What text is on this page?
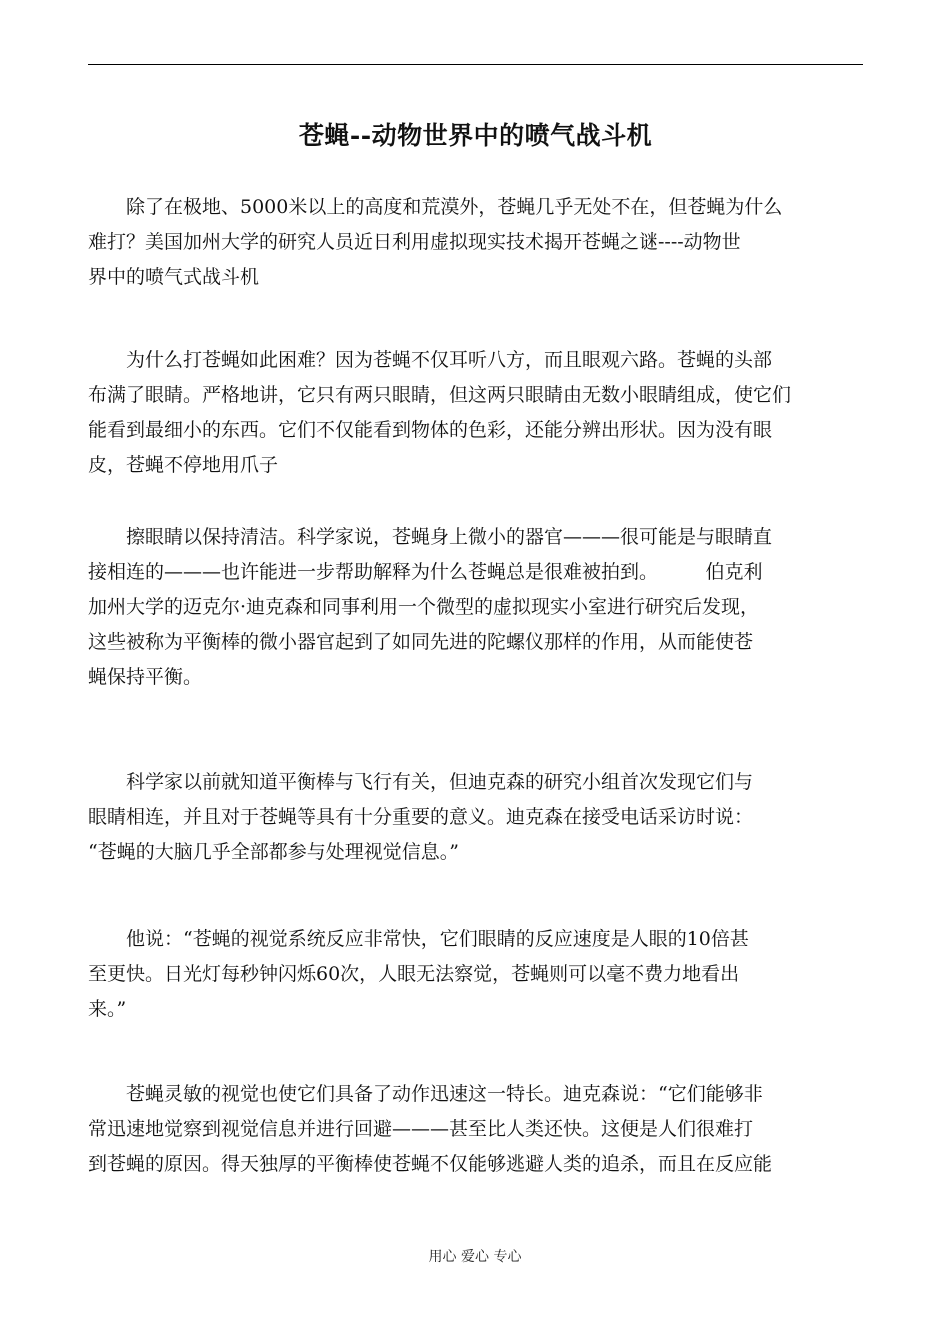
苍蝇--动物世界中的喷气战斗机
　　除了在极地、5000米以上的高度和荒漠外，苍蝇几乎无处不在，但苍蝇为什么
难打？美国加州大学的研究人员近日利用虚拟现实技术揭开苍蝇之谜----动物世
界中的喷气式战斗机
　　为什么打苍蝇如此困难？因为苍蝇不仅耳听八方，而且眼观六路。苍蝇的头部
布满了眼睛。严格地讲，它只有两只眼睛，但这两只眼睛由无数小眼睛组成，使它们
能看到最细小的东西。它们不仅能看到物体的色彩，还能分辨出形状。因为没有眼
皮，苍蝇不停地用爪子
　　擦眼睛以保持清洁。科学家说，苍蝇身上微小的器官———很可能是与眼睛直
接相连的———也许能进一步帮助解释为什么苍蝇总是很难被拍到。　　　伯克利
加州大学的迈克尔·迪克森和同事利用一个微型的虚拟现实小室进行研究后发现，
这些被称为平衡棒的微小器官起到了如同先进的陀螺仪那样的作用，从而能使苍
蝇保持平衡。
　　科学家以前就知道平衡棒与飞行有关，但迪克森的研究小组首次发现它们与
眼睛相连，并且对于苍蝇等具有十分重要的意义。迪克森在接受电话采访时说：
“苍蝇的大脑几乎全部都参与处理视觉信息。”
　　他说：“苍蝇的视觉系统反应非常快，它们眼睛的反应速度是人眼的10倍甚
至更快。日光灯每秒钟闪烁60次，人眼无法察觉，苍蝇则可以毫不费力地看出
来。”
　　苍蝇灵敏的视觉也使它们具备了动作迅速这一特长。迪克森说：“它们能够非
常迅速地觉察到视觉信息并进行回避———甚至比人类还快。这便是人们很难打
到苍蝇的原因。得天独厚的平衡棒使苍蝇不仅能够逃避人类的追杀，而且在反应能
用心 爱心 专心
